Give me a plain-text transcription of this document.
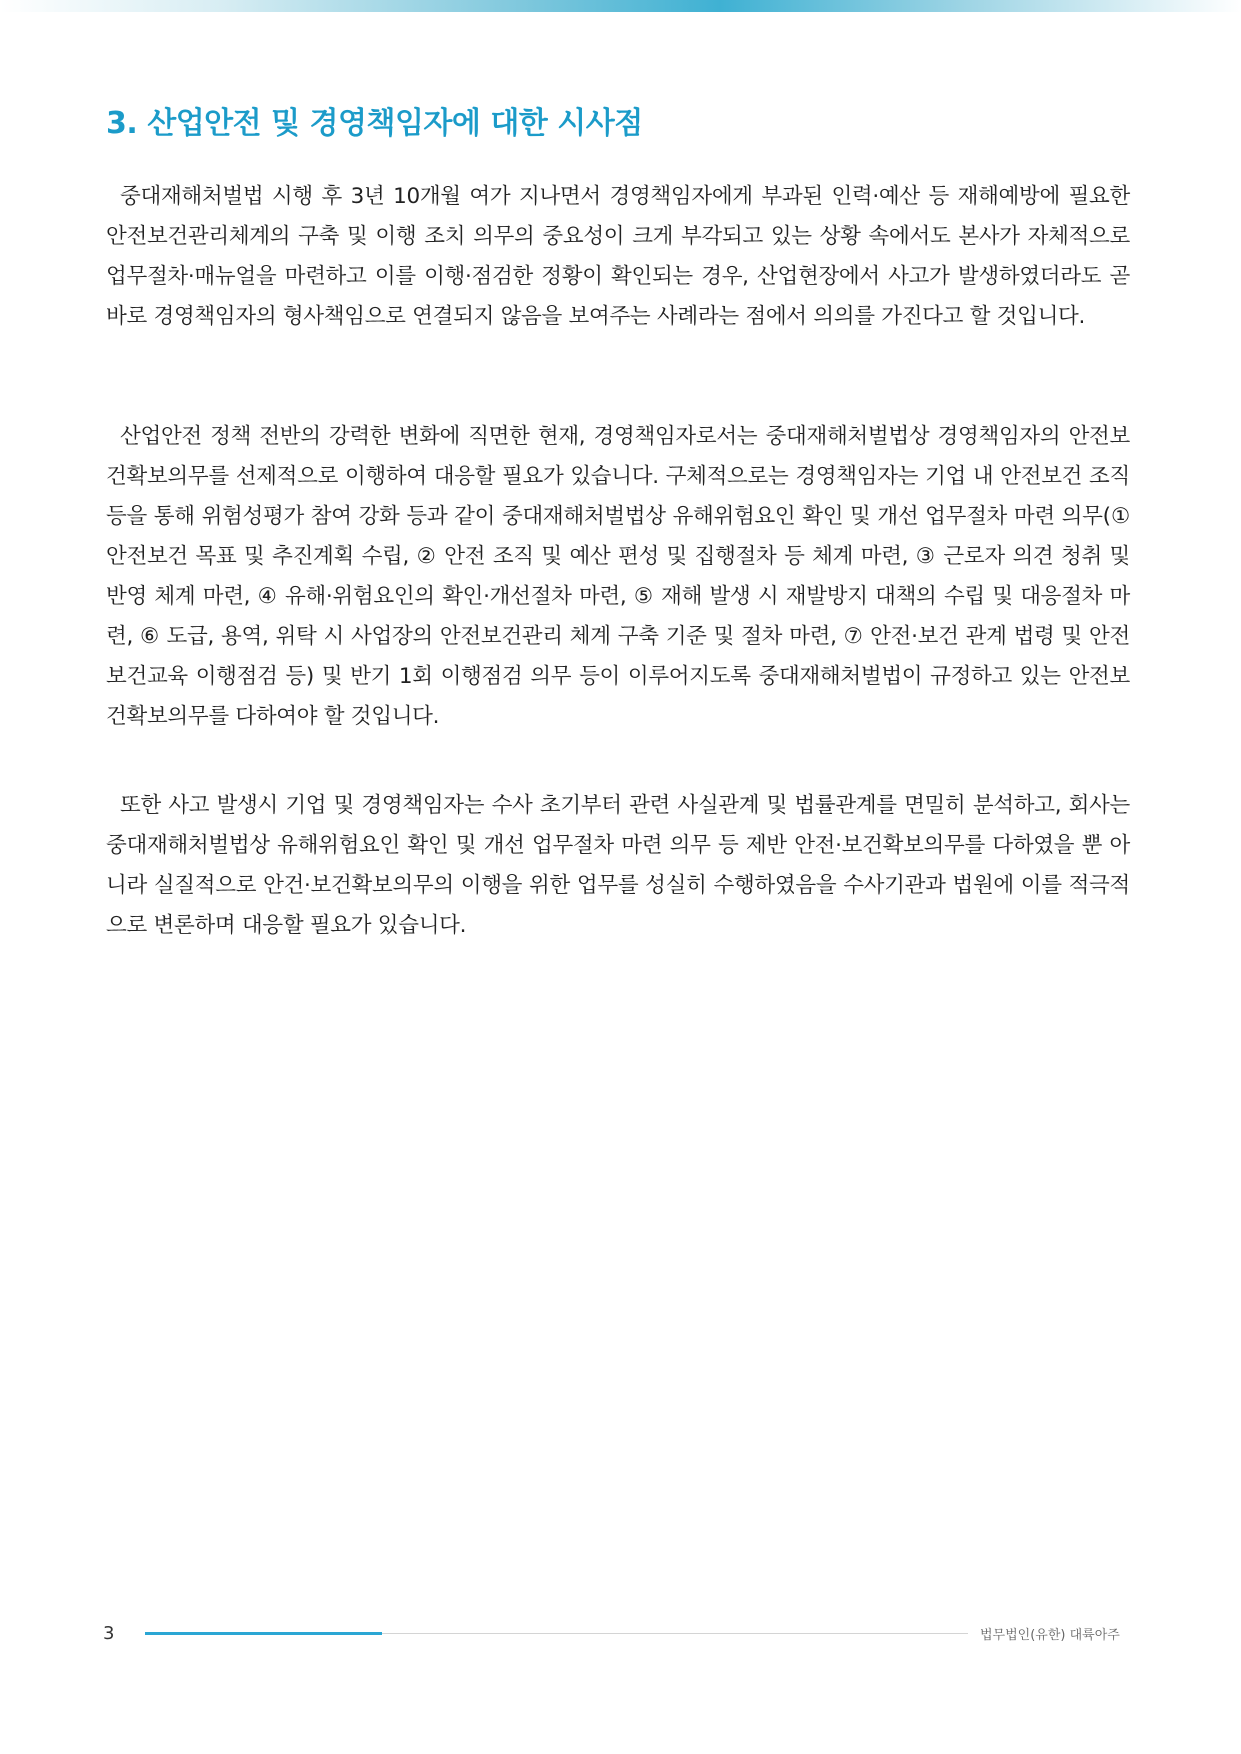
3. 산업안전 및 경영책임자에 대한 시사점

중대재해처벌법 시행 후 3년 10개월 여가 지나면서 경영책임자에게 부과된 인력·예산 등 재해예방에 필요한 안전보건관리체계의 구축 및 이행 조치 의무의 중요성이 크게 부각되고 있는 상황 속에서도 본사가 자체적으로 업무절차·매뉴얼을 마련하고 이를 이행·점검한 정황이 확인되는 경우, 산업현장에서 사고가 발생하였더라도 곧바로 경영책임자의 형사책임으로 연결되지 않음을 보여주는 사례라는 점에서 의의를 가진다고 할 것입니다.

산업안전 정책 전반의 강력한 변화에 직면한 현재, 경영책임자로서는 중대재해처벌법상 경영책임자의 안전보건확보의무를 선제적으로 이행하여 대응할 필요가 있습니다. 구체적으로는 경영책임자는 기업 내 안전보건 조직 등을 통해 위험성평가 참여 강화 등과 같이 중대재해처벌법상 유해위험요인 확인 및 개선 업무절차 마련 의무(① 안전보건 목표 및 추진계획 수립, ② 안전 조직 및 예산 편성 및 집행절차 등 체계 마련, ③ 근로자 의견 청취 및 반영 체계 마련, ④ 유해·위험요인의 확인·개선절차 마련, ⑤ 재해 발생 시 재발방지 대책의 수립 및 대응절차 마련, ⑥ 도급, 용역, 위탁 시 사업장의 안전보건관리 체계 구축 기준 및 절차 마련, ⑦ 안전·보건 관계 법령 및 안전보건교육 이행점검 등) 및 반기 1회 이행점검 의무 등이 이루어지도록 중대재해처벌법이 규정하고 있는 안전보건확보의무를 다하여야 할 것입니다.

또한 사고 발생시 기업 및 경영책임자는 수사 초기부터 관련 사실관계 및 법률관계를 면밀히 분석하고, 회사는 중대재해처벌법상 유해위험요인 확인 및 개선 업무절차 마련 의무 등 제반 안전·보건확보의무를 다하였을 뿐 아니라 실질적으로 안건·보건확보의무의 이행을 위한 업무를 성실히 수행하였음을 수사기관과 법원에 이를 적극적으로 변론하며 대응할 필요가 있습니다.

3	법무법인(유한) 대륙아주
